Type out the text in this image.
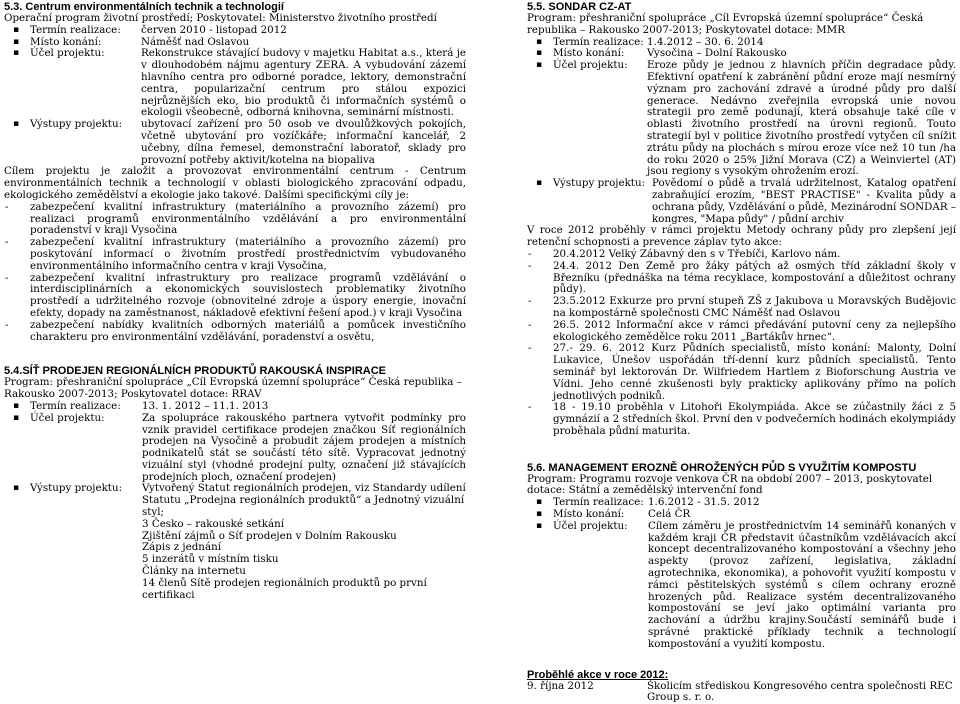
5.3. Centrum environmentálních technik a technologií
Operační program životní prostředí; Poskytovatel: Ministerstvo životního prostředí
▪ Termín realizace:	červen 2010 - listopad 2012
▪ Místo konání:	Náměšť nad Oslavou
▪ Účel projektu:	Rekonstrukce stávající budovy v majetku Habitat a.s., která je v dlouhodobém nájmu agentury ZERA. A vybudování zázemí hlavního centra pro odborné poradce, lektory, demonstrační centra, popularizační centrum pro stálou expozici nejrůznějších eko, bio produktů či informačních systémů o ekologii všeobecně, odborná knihovna, seminární místnosti.
▪ Výstupy projektu:	ubytovací zařízení pro 50 osob ve dvoulůžkových pokojích, včetně ubytování pro vozíčkáře; informační kancelář, 2 učebny, dílna řemesel, demonstrační laboratoř, sklady pro provozní potřeby aktivit/kotelna na biopaliva
Cílem projektu je založit a provozovat environmentální centrum - Centrum environmentálních technik a technologií v oblasti biologického zpracování odpadu, ekologického zemědělství a ekologie jako takové. Dalšími specifickými cíly je:
- zabezpečení kvalitní infrastruktury (materiálního a provozního zázemí) pro realizaci programů environmentálního vzdělávání a pro environmentální poradenství v kraji Vysočina
- zabezpečení kvalitní infrastruktury (materiálního a provozního zázemí) pro poskytování informací o životním prostředí prostřednictvím vybudovaného environmentálního informačního centra v kraji Vysočina,
- zabezpečení kvalitní infrastruktury pro realizace programů vzdělávání o interdisciplinárních a ekonomických souvislostech problematiky životního prostředí a udržitelného rozvoje (obnovitelné zdroje a úspory energie, inovační efekty, dopady na zaměstnanost, nákladově efektivní řešení apod.) v kraji Vysočina
- zabezpečení nabídky kvalitních odborných materiálů a pomůcek investičního charakteru pro environmentální vzdělávání, poradenství a osvětu,
5.4.SÍŤ PRODEJEN REGIONÁLNÍCH PRODUKTŮ RAKOUSKÁ INSPIRACE
Program: přeshraniční spolupráce „Cíl Evropská územní spolupráce“ Česká republika – Rakousko 2007-2013; Poskytovatel dotace: RRAV
▪ Termín realizace:	13. 1. 2012 – 11.1. 2013
▪ Účel projektu:	Za spolupráce rakouského partnera vytvořit podmínky pro vznik pravidel certifikace prodejen značkou Síť regionálních prodejen na Vysočině a probudit zájem prodejen a místních podnikatelů stát se součástí této sítě. Vypracovat jednotný vizuální styl (vhodné prodejní pulty, označení již stávajících prodejních ploch, označení prodejen)
▪ Výstupy projektu:	Vytvořený Statut regionálních prodejen, viz Standardy udílení Statutu „Prodejna regionálních produktů“ a Jednotný vizuální styl;
3 Česko – rakouské setkání
Zjištění zájmů o Síť prodejen v Dolním Rakousku
Zápis z jednání
5 inzerátů v místním tisku
Články na internetu
14 členů Sítě prodejen regionálních produktů po první certifikaci
5.5. SONDAR CZ-AT
Program: přeshraniční spolupráce „Cíl Evropská územní spolupráce“ Česká republika – Rakousko 2007-2013; Poskytovatel dotace: MMR
▪ Termín realizace: 1.4.2012 – 30. 6. 2014
▪ Místo konání:	Vysočina – Dolní Rakousko
▪ Účel projektu:	Eroze půdy je jednou z hlavních příčin degradace půdy. Efektivní opatření k zabránění půdní eroze mají nesmírný význam pro zachování zdravé a úrodné půdy pro další generace. Nedávno zveřejnila evropská unie novou strategii pro země podunají, která obsahuje také cíle v oblasti životního prostředí na úrovni regionů. Touto strategií byl v politice životního prostředí vytyčen cíl snížit ztrátu půdy na plochách s mírou eroze více než 10 tun /ha do roku 2020 o 25% Jižní Morava (CZ) a Weinviertel (AT) jsou regiony s vysokým ohrožením erozí.
▪ Výstupy projektu: Povědomí o půdě a trvalá udržitelnost, Katalog opatření zabraňující erozím, "BEST PRACTISE" - Kvalita půdy a ochrana půdy, Vzdělávání o půdě, Mezinárodní SONDAR – kongres, "Mapa půdy" / půdní archiv
V roce 2012 proběhly v rámci projektu Metody ochrany půdy pro zlepšení její retenční schopnosti a prevence záplav tyto akce:
- 20.4.2012 Velký Zábavný den s v Třebíči, Karlovo nám.
- 24.4. 2012 Den Země pro žáky pátých až osmých tříd základní školy v Březníku (přednáška na téma recyklace, kompostování a důležitost ochrany půdy).
- 23.5.2012 Exkurze pro první stupeň ZŠ z Jakubova u Moravských Budějovic na kompostárně společnosti CMC Náměšť nad Oslavou
- 26.5. 2012 Informační akce v rámci předávání putovní ceny za nejlepšího ekologického zemědělce roku 2011 „Bartákův hrnec“.
- 27.- 29. 6. 2012 Kurz Půdních specialistů, místo konání: Malonty, Dolní Lukavice, Únešov uspořádán tří-denní kurz půdních specialistů. Tento seminář byl lektorován Dr. Wilfriedem Hartlem z Bioforschung Austria ve Vídni. Jeho cenné zkušenosti byly prakticky aplikovány přímo na polích jednotlivých podniků.
- 18 - 19.10 proběhla v Litohoři Ekolympiáda. Akce se zúčastnily žáci z 5 gymnázií a 2 středních škol. První den v podvečerních hodinách ekolympiády proběhala půdní maturita.
5.6. MANAGEMENT EROZNĚ OHROŽENÝCH PŮD S VYUŽITÍM KOMPOSTU
Program: Programu rozvoje venkova ČR na období 2007 – 2013, poskytovatel dotace: Státní a zemědělský intervenční fond
▪ Termín realizace: 1.6.2012 - 31.5. 2012
▪ Místo konání:	Celá ČR
▪ Účel projektu:	Cílem záměru je prostřednictvím 14 seminářů konaných v každém kraji ČR představit účastníkům vzdělávacích akcí koncept decentralizovaného kompostování a všechny jeho aspekty (provoz zařízení, legislativa, základní agrotechnika, ekonomika), a pohovořit využití kompostu v rámci pěstitelských systémů s cílem ochrany erozně hrozených půd. Realizace systém decentralizovaného kompostování se jeví jako optimální varianta pro zachování a údržbu krajiny.Součástí seminářů bude i správné praktické příklady technik a technologií kompostování a využití kompostu.
Proběhlé akce v roce 2012:
9. října 2012	Školicím střediskou Kongresového centra společnosti REC Group s. r. o.
